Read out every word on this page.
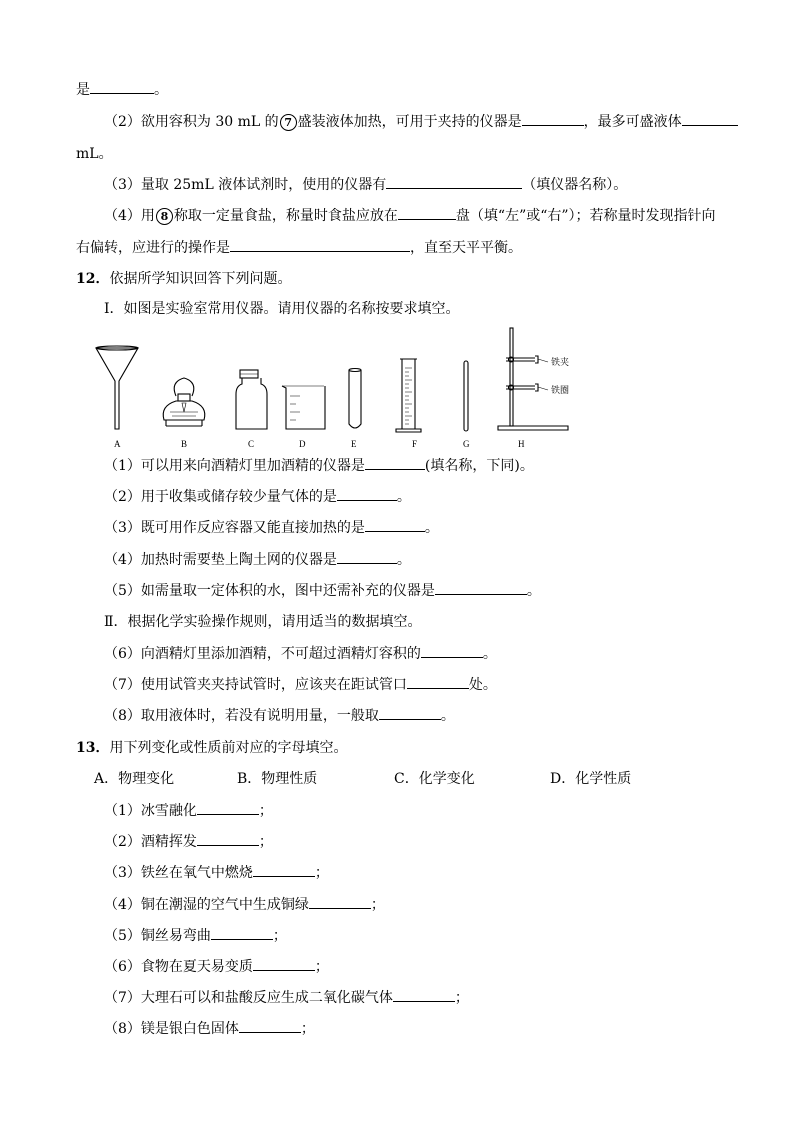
是	。
（2）欲用容积为 30 mL 的 7 盛装液体加热，可用于夹持的仪器是	，最多可盛液体
mL。
（3）量取 25mL 液体试剂时，使用的仪器有	（填仪器名称）。
（4）用 8 称取一定量食盐，称量时食盐应放在	盘（填“左”或“右”）；若称量时发现指针向
右偏转，应进行的操作是	，直至天平平衡。
12．依据所学知识回答下列问题。
Ⅰ．如图是实验室常用仪器。请用仪器的名称按要求填空。
铁夹
铁圈
A	B	C	D	E	F	G	H
（1）可以用来向酒精灯里加酒精的仪器是	(填名称，下同)。
（2）用于收集或储存较少量气体的是	。
（3）既可用作反应容器又能直接加热的是	。
（4）加热时需要垫上陶土网的仪器是	。
（5）如需量取一定体积的水，图中还需补充的仪器是	。
Ⅱ．根据化学实验操作规则，请用适当的数据填空。
（6）向酒精灯里添加酒精，不可超过酒精灯容积的	。
（7）使用试管夹夹持试管时，应该夹在距试管口	处。
（8）取用液体时，若没有说明用量，一般取	。
13．用下列变化或性质前对应的字母填空。
A．物理变化	B．物理性质	C．化学变化	D．化学性质
（1）冰雪融化	；
（2）酒精挥发	；
（3）铁丝在氧气中燃烧	；
（4）铜在潮湿的空气中生成铜绿	；
（5）铜丝易弯曲	；
（6）食物在夏天易变质	；
（7）大理石可以和盐酸反应生成二氧化碳气体	；
（8）镁是银白色固体	；
